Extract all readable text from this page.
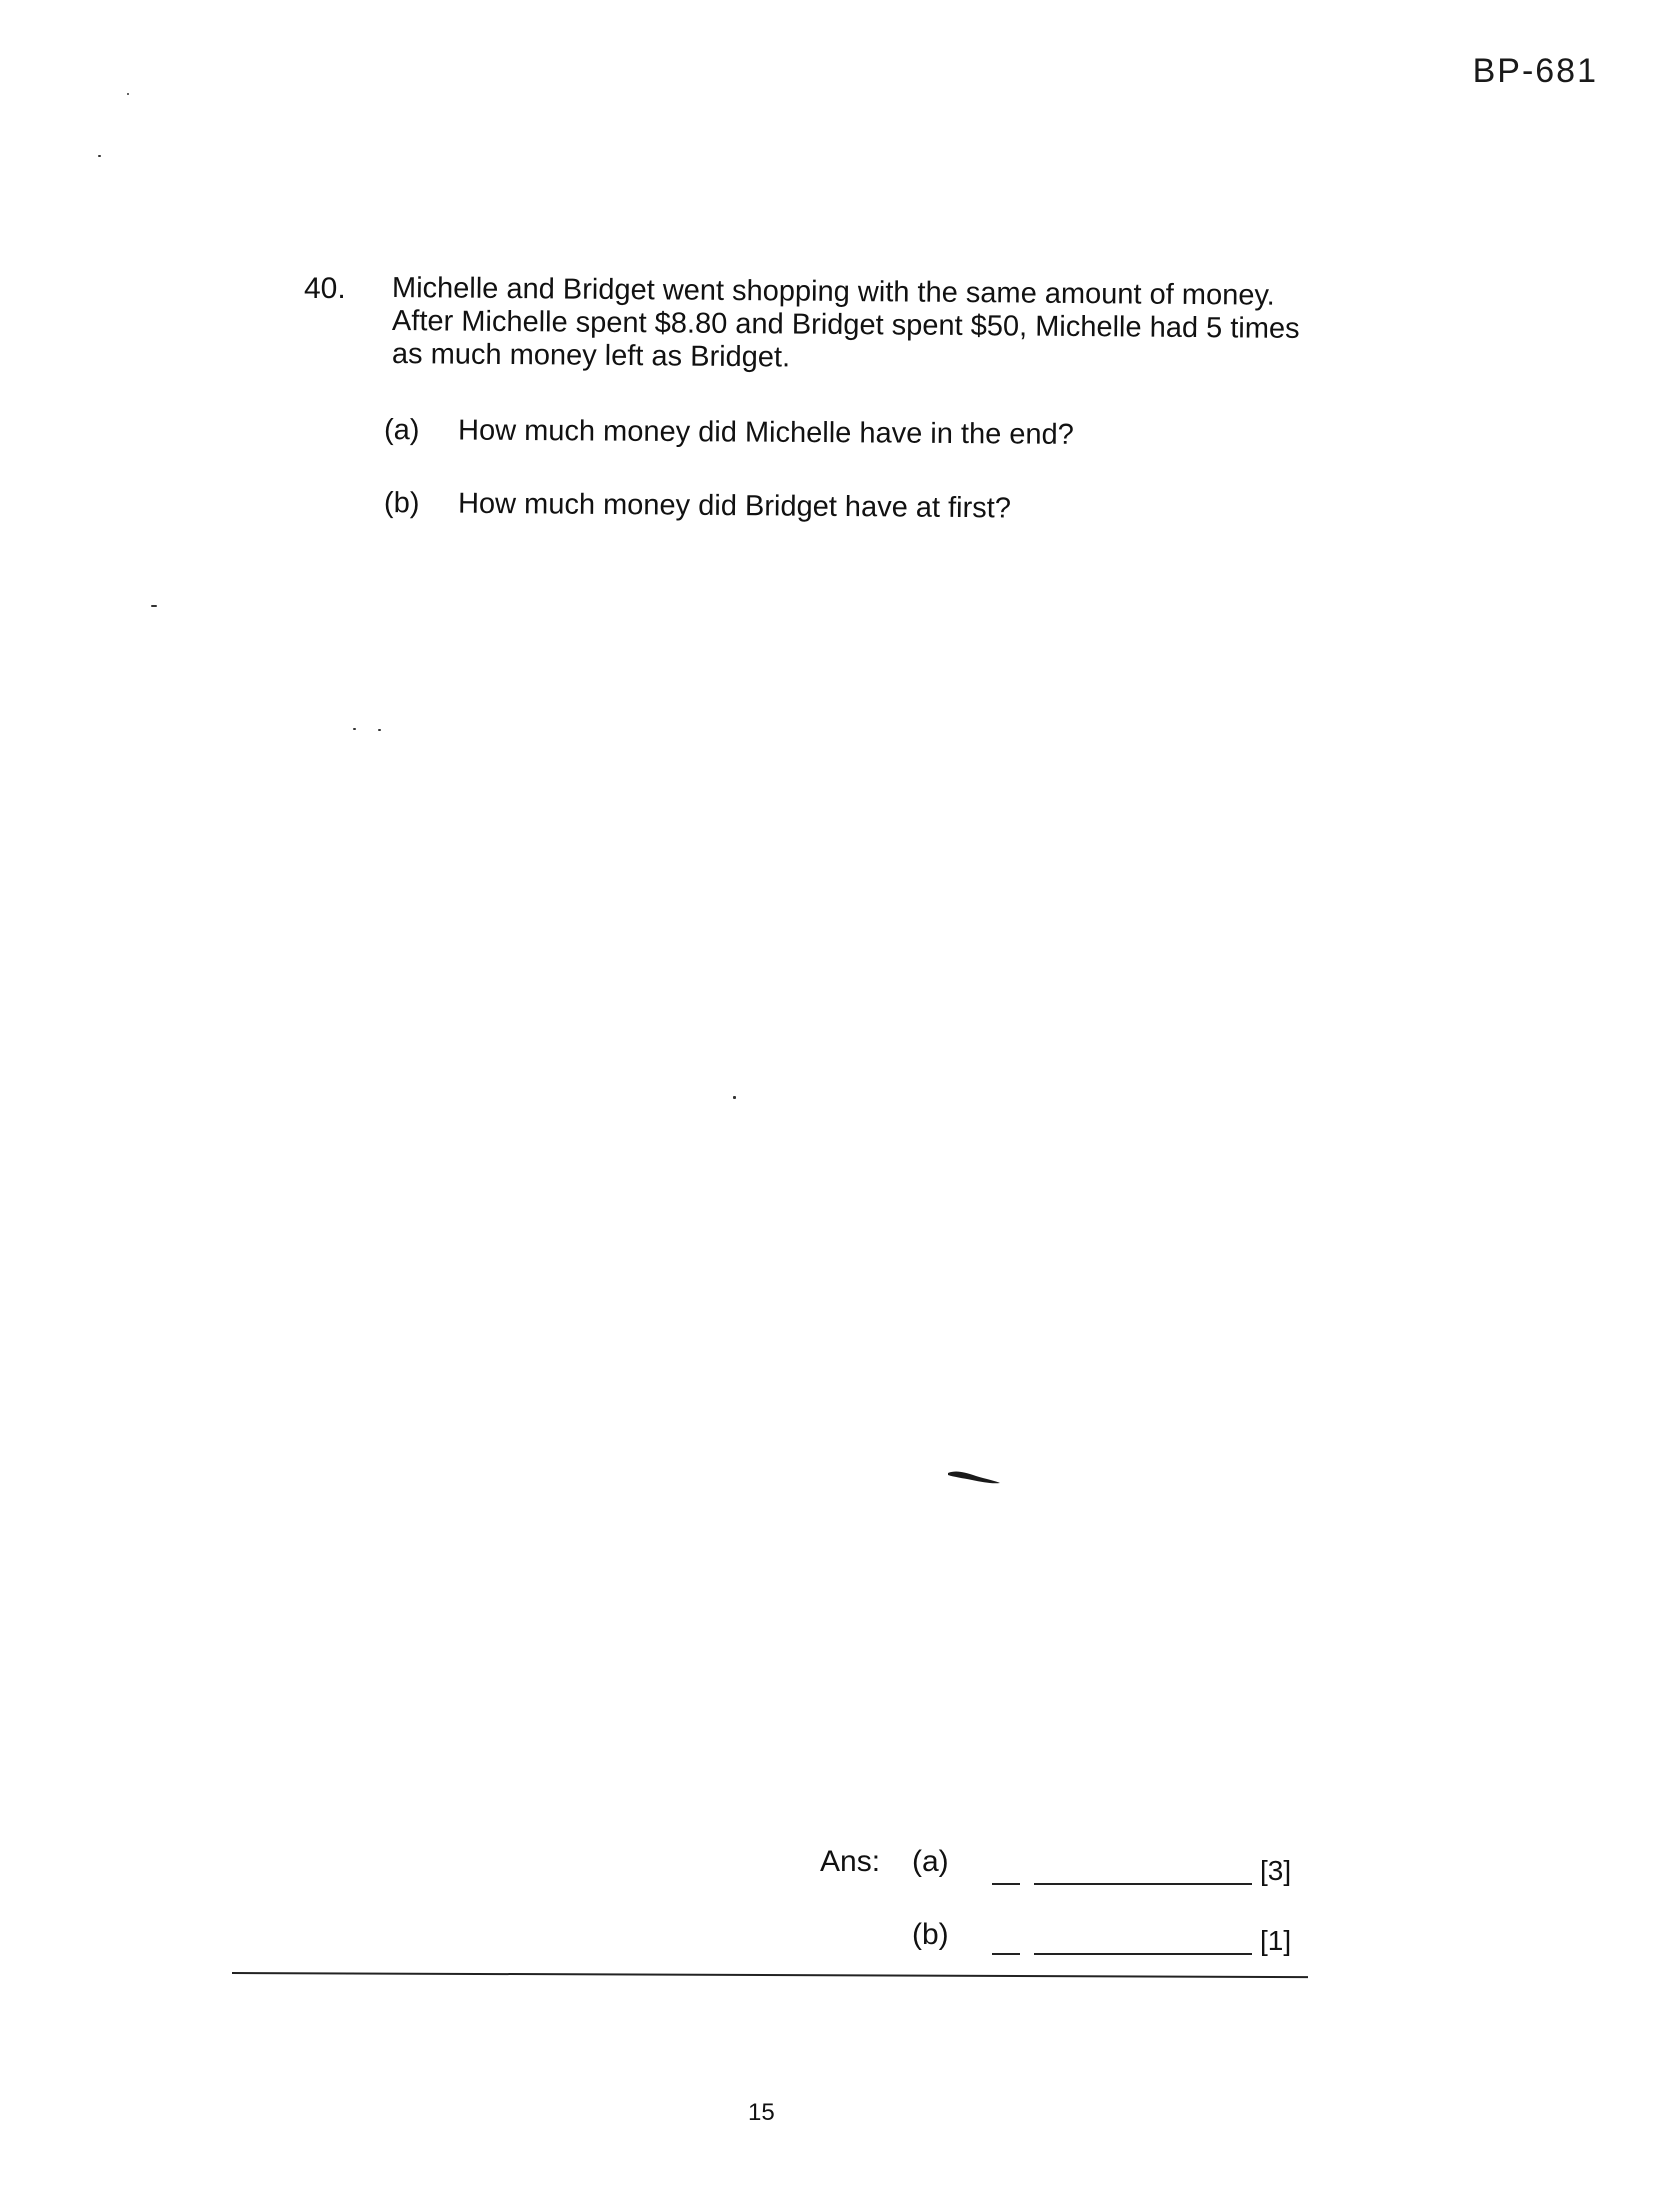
BP-681
40. Michelle and Bridget went shopping with the same amount of money.
After Michelle spent $8.80 and Bridget spent $50, Michelle had 5 times
as much money left as Bridget.
(a) How much money did Michelle have in the end?
(b) How much money did Bridget have at first?
Ans: (a)	[3]
(b)	[1]
15
